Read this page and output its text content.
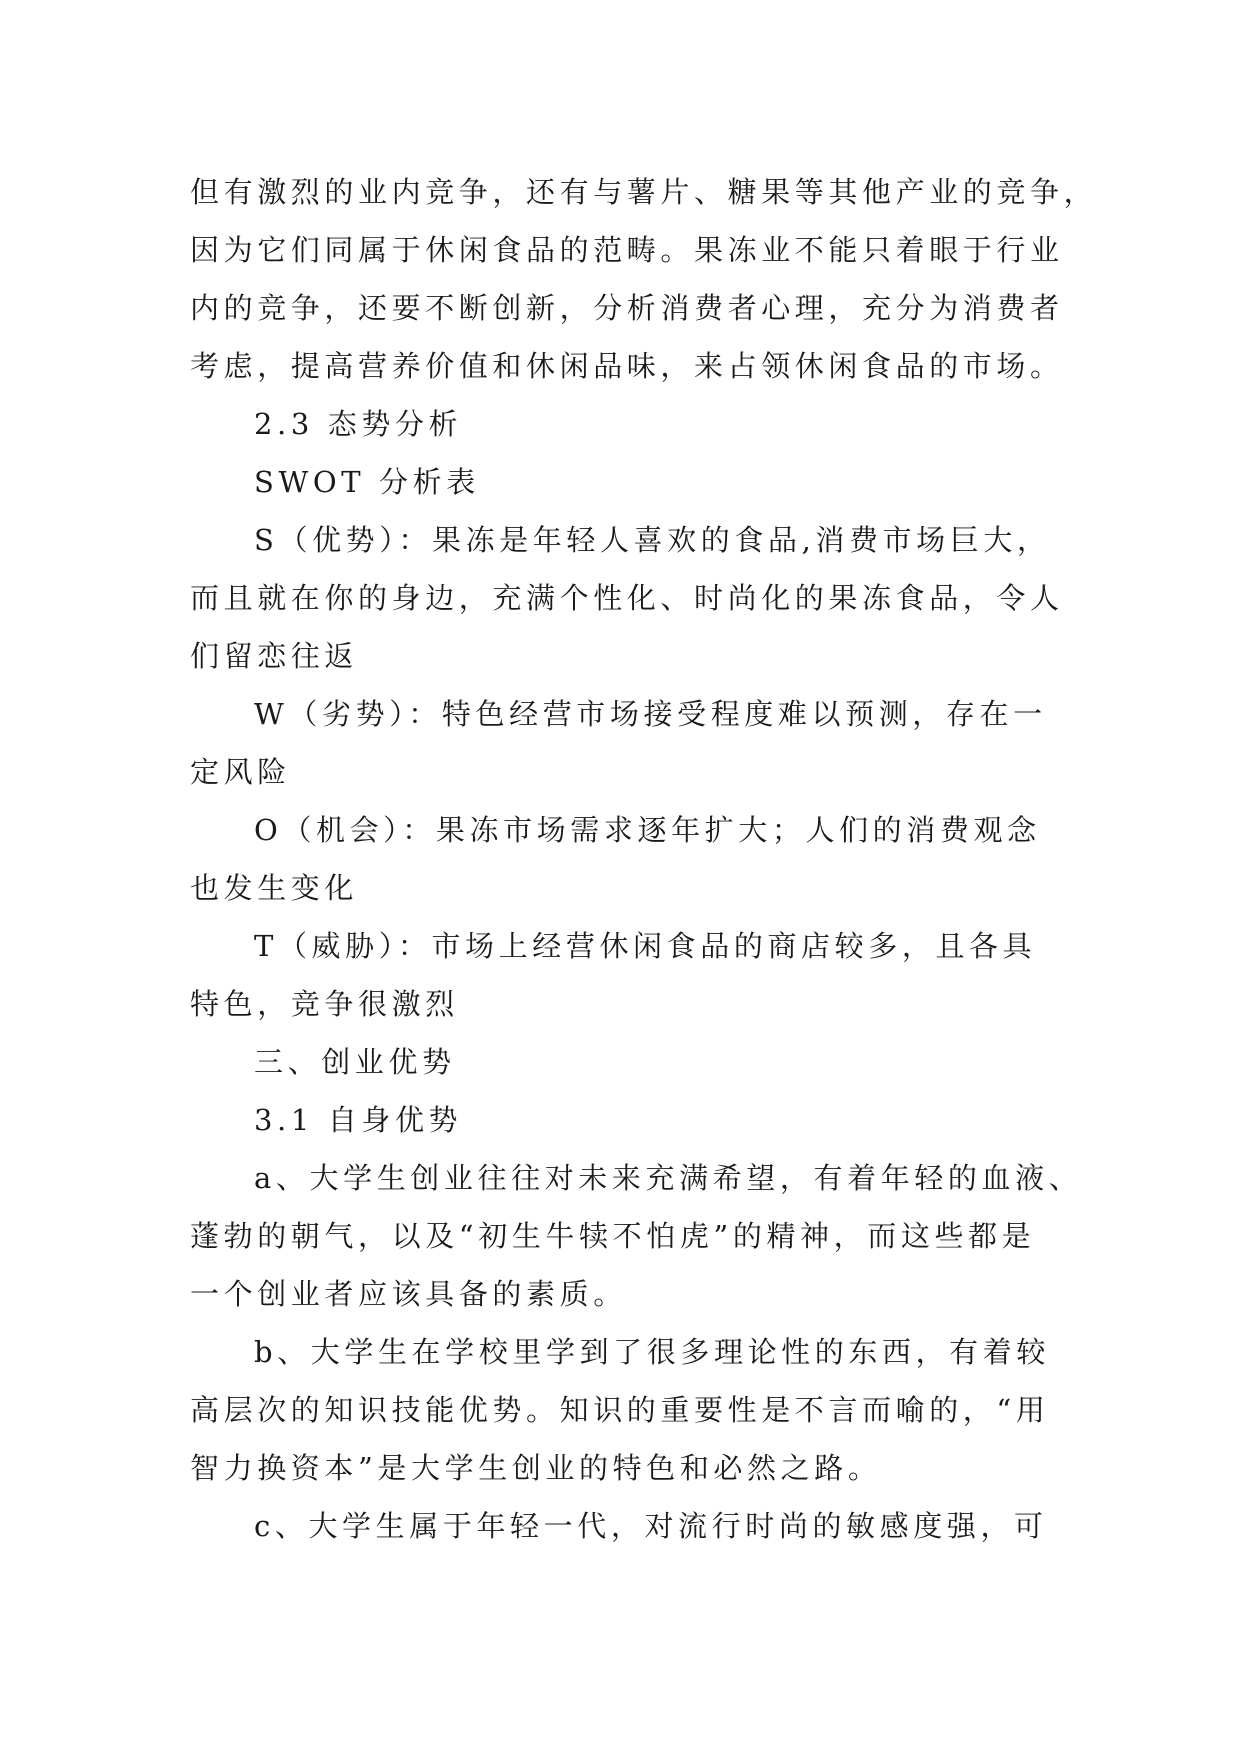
但有激烈的业内竞争，还有与薯片、糖果等其他产业的竞争，
因为它们同属于休闲食品的范畴。果冻业不能只着眼于行业
内的竞争，还要不断创新，分析消费者心理，充分为消费者
考虑，提高营养价值和休闲品味，来占领休闲食品的市场。
2.3 态势分析
SWOT 分析表
S（优势）：果冻是年轻人喜欢的食品,消费市场巨大，
而且就在你的身边，充满个性化、时尚化的果冻食品，令人
们留恋往返
W（劣势）：特色经营市场接受程度难以预测，存在一
定风险
O（机会）：果冻市场需求逐年扩大；人们的消费观念
也发生变化
T（威胁）：市场上经营休闲食品的商店较多，且各具
特色，竞争很激烈
三、创业优势
3.1 自身优势
a、大学生创业往往对未来充满希望，有着年轻的血液、
蓬勃的朝气，以及“初生牛犊不怕虎”的精神，而这些都是
一个创业者应该具备的素质。
b、大学生在学校里学到了很多理论性的东西，有着较
高层次的知识技能优势。知识的重要性是不言而喻的，“用
智力换资本”是大学生创业的特色和必然之路。
c、大学生属于年轻一代，对流行时尚的敏感度强，可
